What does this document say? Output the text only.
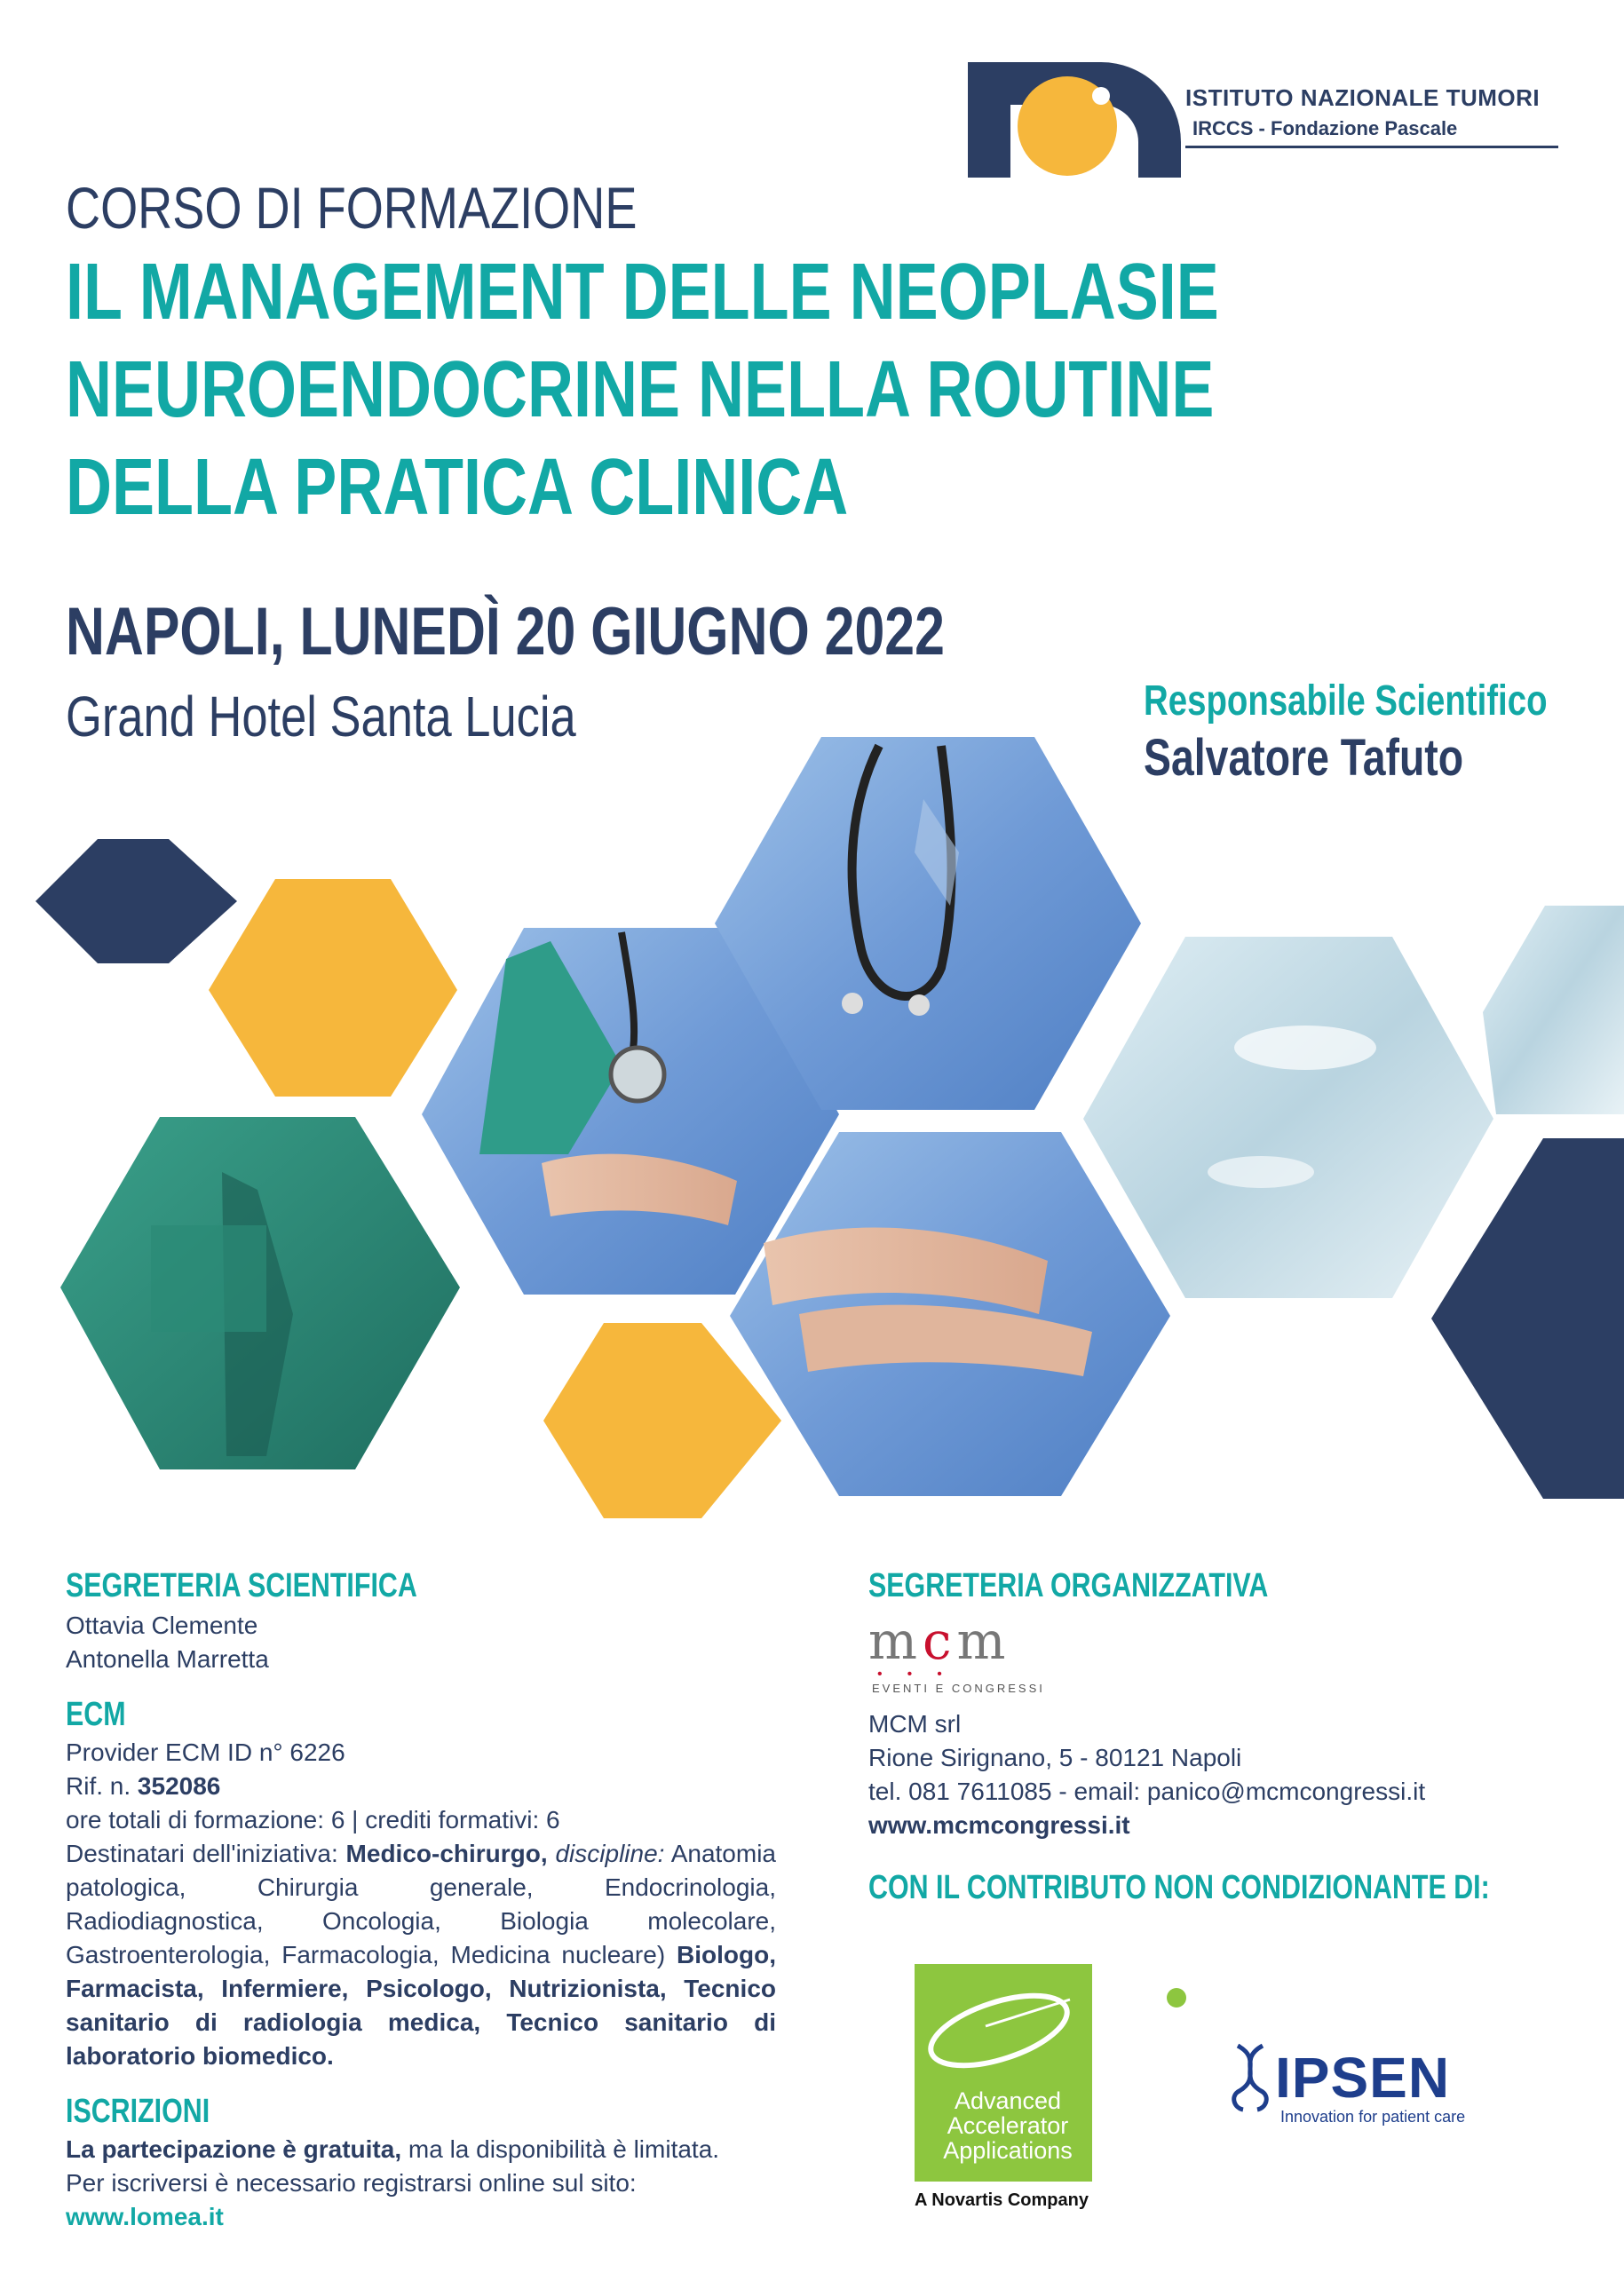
ISTITUTO NAZIONALE TUMORI
IRCCS - Fondazione Pascale
CORSO DI FORMAZIONE
IL MANAGEMENT DELLE NEOPLASIE
NEUROENDOCRINE NELLA ROUTINE
DELLA PRATICA CLINICA
NAPOLI, LUNEDÌ 20 GIUGNO 2022
Grand Hotel Santa Lucia	Responsabile Scientifico
Salvatore Tafuto
SEGRETERIA SCIENTIFICA
Ottavia Clemente
Antonella Marretta
ECM
Provider ECM ID n° 6226
Rif. n. 352086
ore totali di formazione: 6 | crediti formativi: 6
Destinatari dell'iniziativa: Medico-chirurgo, discipline: Anatomia patologica, Chirurgia generale, Endocrinologia, Radiodiagnostica, Oncologia, Biologia molecolare, Gastroenterologia, Farmacologia, Medicina nucleare) Biologo, Farmacista, Infermiere, Psicologo, Nutrizionista, Tecnico sanitario di radiologia medica, Tecnico sanitario di laboratorio biomedico.
ISCRIZIONI
La partecipazione è gratuita, ma la disponibilità è limitata.
Per iscriversi è necessario registrarsi online sul sito: www.lomea.it
SEGRETERIA ORGANIZZATIVA
mcm
•••
EVENTI E CONGRESSI
MCM srl
Rione Sirignano, 5 - 80121 Napoli
tel. 081 7611085 - email: panico@mcmcongressi.it
www.mcmcongressi.it
CON IL CONTRIBUTO NON CONDIZIONANTE DI:
Advanced
Accelerator
Applications
A Novartis Company
IPSEN
Innovation for patient care
